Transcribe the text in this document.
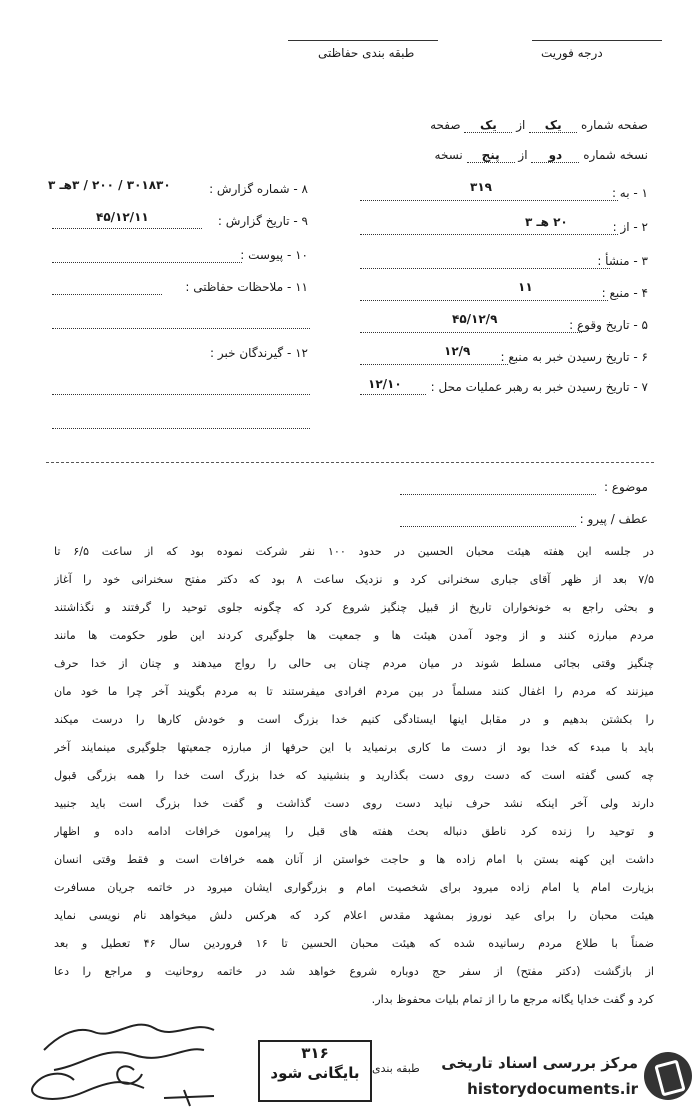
درجه فوریت
طبقه بندی حفاظتی
صفحه شماره یک از یک صفحه
نسخه شماره دو از پنج نسخه
۱ - به :
۳۱۹
۲ - از :
۲۰ هـ ۳
۳ - منشأ :
۴ - منبع :
۱۱
۵ - تاریخ وقوع :
۴۵/۱۲/۹
۶ - تاریخ رسیدن خبر به منبع :
۱۲/۹
۷ - تاریخ رسیدن خبر به رهبر عملیات محل :
۱۲/۱۰
۸ - شماره گزارش :
۳۰۱۸۳۰ / ۲۰۰ / ۳هـ ۳
۹ - تاریخ گزارش :
۴۵/۱۲/۱۱
۱۰ - پیوست :
۱۱ - ملاحظات حفاظتی :
۱۲ - گیرندگان خبر :
موضوع :
عطف / پیرو :
در جلسه این هفته هیئت محبان الحسین در حدود ۱۰۰ نفر شرکت نموده بود که از ساعت ۶/۵ تا
۷/۵ بعد از ظهر آقای جباری سخنرانی کرد و نزدیک ساعت ۸ بود که دکتر مفتح سخنرانی خود را آغاز
و بحثی راجع به خونخواران تاریخ از قبیل چنگیز شروع کرد که چگونه جلوی توحید را گرفتند و نگذاشتند
مردم مبارزه کنند و از وجود آمدن هیئت ها و جمعیت ها جلوگیری کردند این طور حکومت ها مانند
چنگیز وقتی بجائی مسلط شوند در میان مردم چنان بی حالی را رواج میدهند و چنان از خدا حرف
میزنند که مردم را اغفال کنند مسلماً در بین مردم افرادی میفرستند تا به مردم بگویند آخر چرا ما خود مان
را بکشتن بدهیم و در مقابل اینها ایستادگی کنیم خدا بزرگ است و خودش کارها را درست میکند
باید با مبدء که خدا بود از دست ما کاری برنمیاید با این حرفها از مبارزه جمعیتها جلوگیری مینمایند آخر
چه کسی گفته است که دست روی دست بگذارید و بنشینید که خدا بزرگ است خدا را همه بزرگی قبول
دارند ولی آخر اینکه نشد حرف نباید دست روی دست گذاشت و گفت خدا بزرگ است باید جنبید
و توحید را زنده کرد ناطق دنباله بحث هفته های قبل را پیرامون خرافات ادامه داده و اظهار
داشت این کهنه بستن با امام زاده ها و حاجت خواستن از آنان همه خرافات است و فقط وقتی انسان
بزیارت امام یا امام زاده میرود برای شخصیت امام و بزرگواری ایشان میرود در خاتمه جریان مسافرت
هیئت محبان را برای عید نوروز بمشهد مقدس اعلام کرد که هرکس دلش میخواهد نام نویسی نماید
ضمناً با طلاع مردم رسانیده شده که هیئت محبان الحسین تا ۱۶ فروردین سال ۴۶ تعطیل و بعد
از بازگشت (دکتر مفتح) از سفر حج دوباره شروع خواهد شد در خاتمه روحانیت و مراجع را دعا
کرد و گفت خدایا یگانه مرجع ما را از تمام بلیات محفوظ بدار.
۳۱۶
بایگانی شود	طبقه بندی مرکز بررسی اسناد تاریخی
historydocuments.ir
